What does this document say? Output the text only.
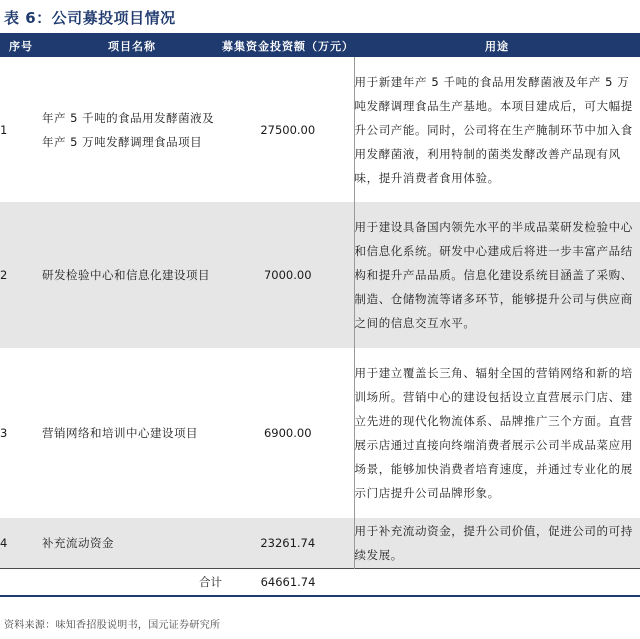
表 6：公司募投项目情况
序号	项目名称	募集资金投资额（万元）	用途
1	年产 5 千吨的食品用发酵菌液及年产 5 万吨发酵调理食品项目	27500.00	用于新建年产 5 千吨的食品用发酵菌液及年产 5 万吨发酵调理食品生产基地。本项目建成后，可大幅提升公司产能。同时，公司将在生产腌制环节中加入食用发酵菌液，利用特制的菌类发酵改善产品现有风味，提升消费者食用体验。
2	研发检验中心和信息化建设项目	7000.00	用于建设具备国内领先水平的半成品菜研发检验中心和信息化系统。研发中心建成后将进一步丰富产品结构和提升产品品质。信息化建设系统目涵盖了采购、制造、仓储物流等诸多环节，能够提升公司与供应商之间的信息交互水平。
3	营销网络和培训中心建设项目	6900.00	用于建立覆盖长三角、辐射全国的营销网络和新的培训场所。营销中心的建设包括设立直营展示门店、建立先进的现代化物流体系、品牌推广三个方面。直营展示店通过直接向终端消费者展示公司半成品菜应用场景，能够加快消费者培育速度，并通过专业化的展示门店提升公司品牌形象。
4	补充流动资金	23261.74	用于补充流动资金，提升公司价值，促进公司的可持续发展。
合计		64661.74	
资料来源：味知香招股说明书，国元证券研究所
